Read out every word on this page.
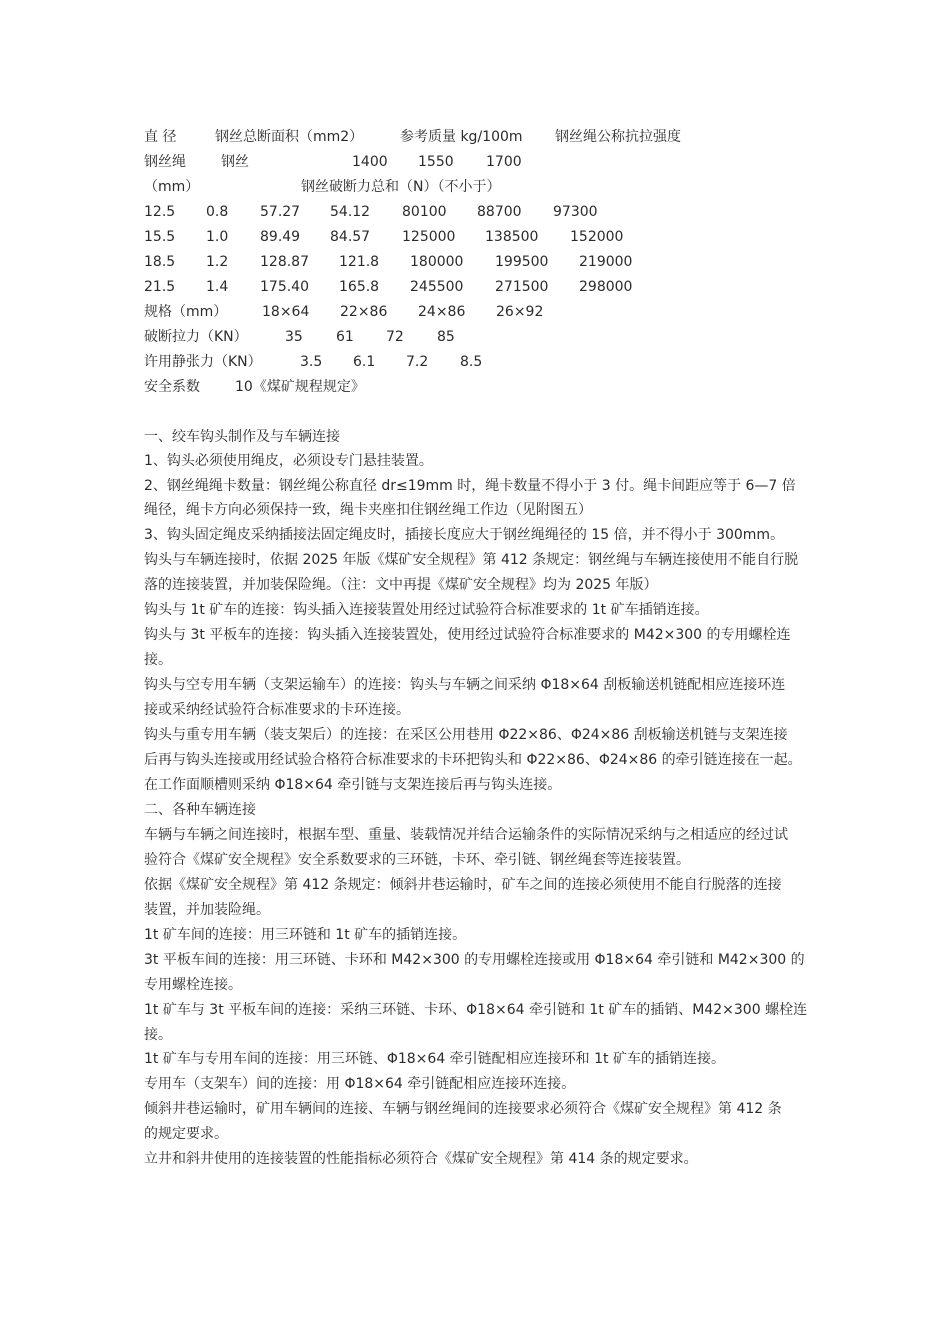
直 径	钢丝总断面积（mm2）	参考质量 kg/100m 钢丝绳公称抗拉强度
钢丝绳	钢丝	1400 1550 1700
（mm）	钢丝破断力总和（N）（不小于）
12.5 0.8 57.27 54.12 80100 88700 97300
15.5 1.0 89.49 84.57 125000 138500 152000
18.5 1.2 128.87 121.8 180000 199500 219000
21.5 1.4 175.40 165.8 245500 271500 298000
规格（mm） 18×64 22×86 24×86 26×92
破断拉力（KN）	35 61 72 85
许用静张力（KN）	3.5 6.1 7.2 8.5
安全系数	10《煤矿规程规定》
一、绞车钩头制作及与车辆连接
1、钩头必须使用绳皮，必须设专门悬挂装置。
2、钢丝绳绳卡数量：钢丝绳公称直径 dr≤19mm 时，绳卡数量不得小于 3 付。绳卡间距应等于 6—7 倍
绳径，绳卡方向必须保持一致，绳卡夹座扣住钢丝绳工作边（见附图五）
3、钩头固定绳皮采纳插接法固定绳皮时，插接长度应大于钢丝绳绳径的 15 倍，并不得小于 300mm。
钩头与车辆连接时，依据 2025 年版《煤矿安全规程》第 412 条规定：钢丝绳与车辆连接使用不能自行脱
落的连接装置，并加装保险绳。（注：文中再提《煤矿安全规程》均为 2025 年版）
钩头与 1t 矿车的连接：钩头插入连接装置处用经过试验符合标准要求的 1t 矿车插销连接。
钩头与 3t 平板车的连接：钩头插入连接装置处，使用经过试验符合标准要求的 M42×300 的专用螺栓连
接。
钩头与空专用车辆（支架运输车）的连接：钩头与车辆之间采纳 Φ18×64 刮板输送机链配相应连接环连
接或采纳经试验符合标准要求的卡环连接。
钩头与重专用车辆（装支架后）的连接：在采区公用巷用 Φ22×86、Φ24×86 刮板输送机链与支架连接
后再与钩头连接或用经试验合格符合标准要求的卡环把钩头和 Φ22×86、Φ24×86 的牵引链连接在一起。
在工作面顺槽则采纳 Φ18×64 牵引链与支架连接后再与钩头连接。
二、各种车辆连接
车辆与车辆之间连接时，根据车型、重量、装载情况并结合运输条件的实际情况采纳与之相适应的经过试
验符合《煤矿安全规程》安全系数要求的三环链，卡环、牵引链、钢丝绳套等连接装置。
依据《煤矿安全规程》第 412 条规定：倾斜井巷运输时，矿车之间的连接必须使用不能自行脱落的连接
装置，并加装险绳。
1t 矿车间的连接：用三环链和 1t 矿车的插销连接。
3t 平板车间的连接：用三环链、卡环和 M42×300 的专用螺栓连接或用 Φ18×64 牵引链和 M42×300 的
专用螺栓连接。
1t 矿车与 3t 平板车间的连接：采纳三环链、卡环、Φ18×64 牵引链和 1t 矿车的插销、M42×300 螺栓连
接。
1t 矿车与专用车间的连接：用三环链、Φ18×64 牵引链配相应连接环和 1t 矿车的插销连接。
专用车（支架车）间的连接：用 Φ18×64 牵引链配相应连接环连接。
倾斜井巷运输时，矿用车辆间的连接、车辆与钢丝绳间的连接要求必须符合《煤矿安全规程》第 412 条
的规定要求。
立井和斜井使用的连接装置的性能指标必须符合《煤矿安全规程》第 414 条的规定要求。
